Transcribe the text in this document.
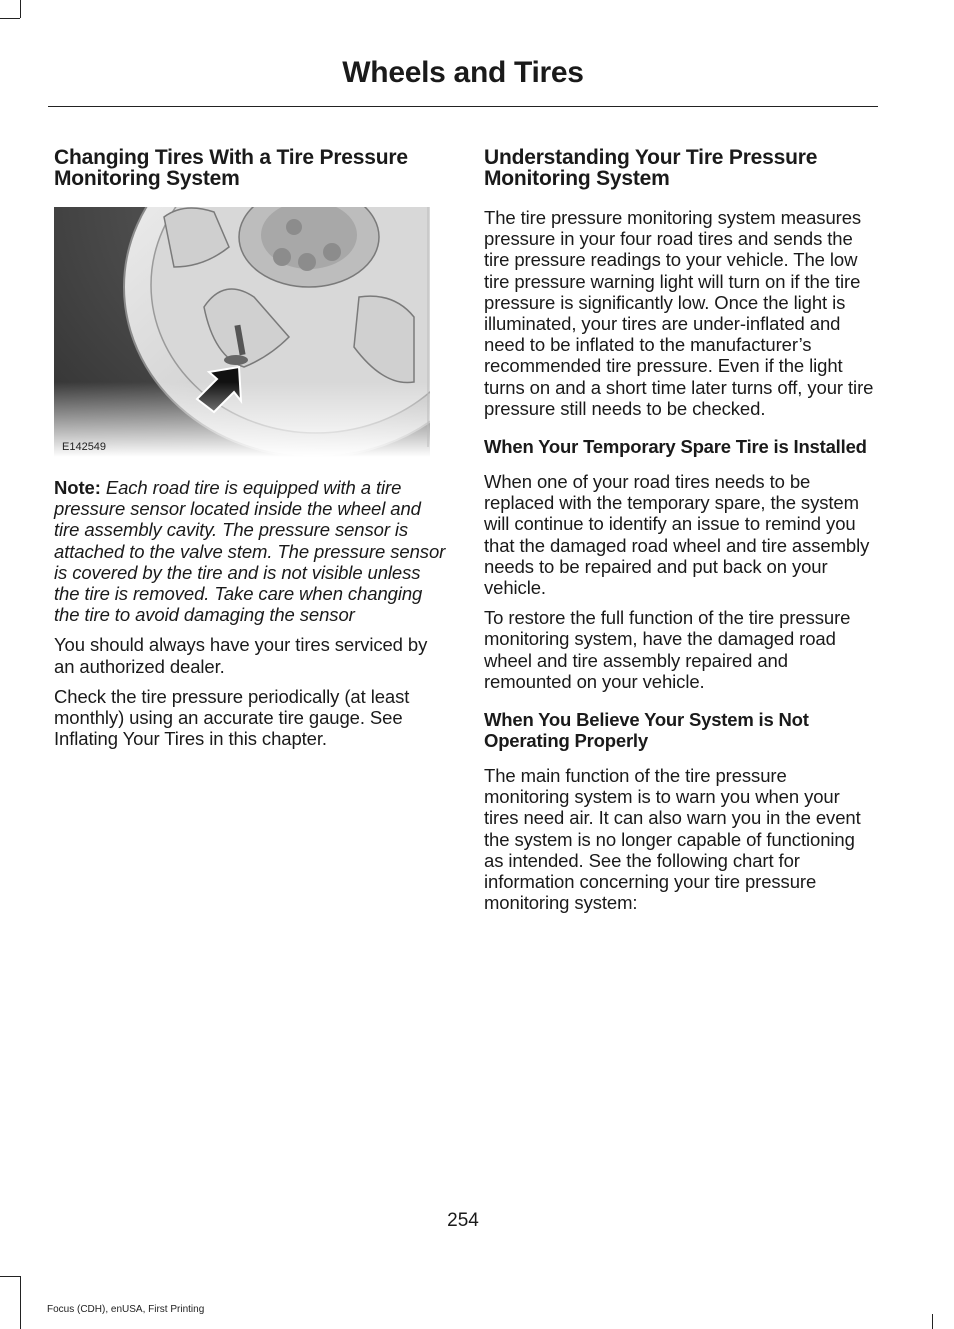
Wheels and Tires
Changing Tires With a Tire Pressure Monitoring System
E142549

Note: Each road tire is equipped with a tire pressure sensor located inside the wheel and tire assembly cavity. The pressure sensor is attached to the valve stem. The pressure sensor is covered by the tire and is not visible unless the tire is removed. Take care when changing the tire to avoid damaging the sensor

You should always have your tires serviced by an authorized dealer.

Check the tire pressure periodically (at least monthly) using an accurate tire gauge. See Inflating Your Tires in this chapter.

Understanding Your Tire Pressure Monitoring System

The tire pressure monitoring system measures pressure in your four road tires and sends the tire pressure readings to your vehicle. The low tire pressure warning light will turn on if the tire pressure is significantly low. Once the light is illuminated, your tires are under-inflated and need to be inflated to the manufacturer’s recommended tire pressure. Even if the light turns on and a short time later turns off, your tire pressure still needs to be checked.

When Your Temporary Spare Tire is Installed

When one of your road tires needs to be replaced with the temporary spare, the system will continue to identify an issue to remind you that the damaged road wheel and tire assembly needs to be repaired and put back on your vehicle.

To restore the full function of the tire pressure monitoring system, have the damaged road wheel and tire assembly repaired and remounted on your vehicle.

When You Believe Your System is Not Operating Properly

The main function of the tire pressure monitoring system is to warn you when your tires need air. It can also warn you in the event the system is no longer capable of functioning as intended. See the following chart for information concerning your tire pressure monitoring system:

254
Focus (CDH), enUSA, First Printing
